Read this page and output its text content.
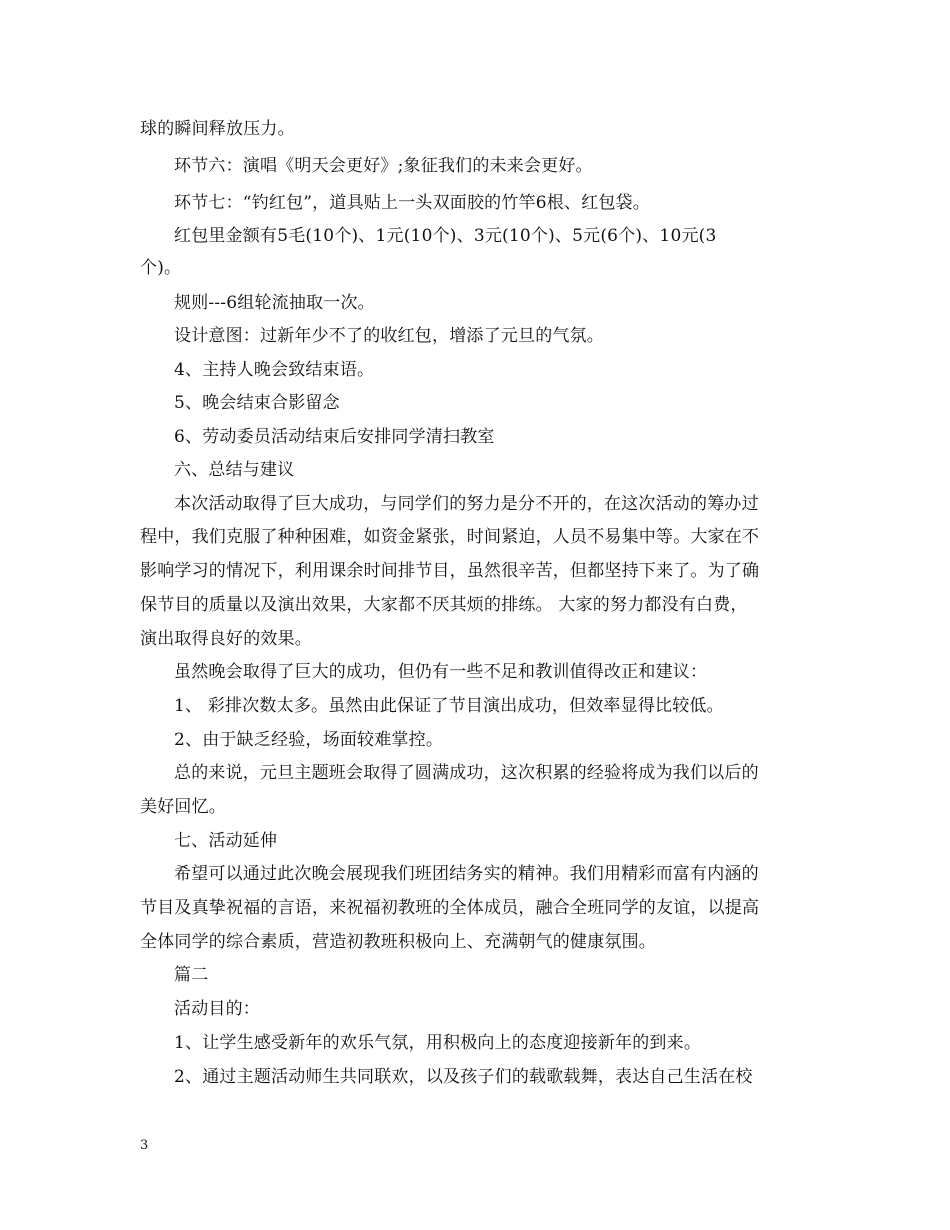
球的瞬间释放压力。
环节六：演唱《明天会更好》;象征我们的未来会更好。
环节七：“钓红包”，道具贴上一头双面胶的竹竿6根、红包袋。
红包里金额有5毛(10个)、1元(10个)、3元(10个)、5元(6个)、10元(3
个)。
规则---6组轮流抽取一次。
设计意图：过新年少不了的收红包，增添了元旦的气氛。
4、主持人晚会致结束语。
5、晚会结束合影留念
6、劳动委员活动结束后安排同学清扫教室
六、总结与建议
本次活动取得了巨大成功，与同学们的努力是分不开的，在这次活动的筹办过
程中，我们克服了种种困难，如资金紧张，时间紧迫，人员不易集中等。大家在不
影响学习的情况下，利用课余时间排节目，虽然很辛苦，但都坚持下来了。为了确
保节目的质量以及演出效果，大家都不厌其烦的排练。 大家的努力都没有白费，
演出取得良好的效果。
虽然晚会取得了巨大的成功，但仍有一些不足和教训值得改正和建议：
1、 彩排次数太多。虽然由此保证了节目演出成功，但效率显得比较低。
2、由于缺乏经验，场面较难掌控。
总的来说，元旦主题班会取得了圆满成功，这次积累的经验将成为我们以后的
美好回忆。
七、活动延伸
希望可以通过此次晚会展现我们班团结务实的精神。我们用精彩而富有内涵的
节目及真挚祝福的言语，来祝福初教班的全体成员，融合全班同学的友谊，以提高
全体同学的综合素质，营造初教班积极向上、充满朝气的健康氛围。
篇二
活动目的：
1、让学生感受新年的欢乐气氛，用积极向上的态度迎接新年的到来。
2、通过主题活动师生共同联欢，以及孩子们的载歌载舞，表达自己生活在校
3
